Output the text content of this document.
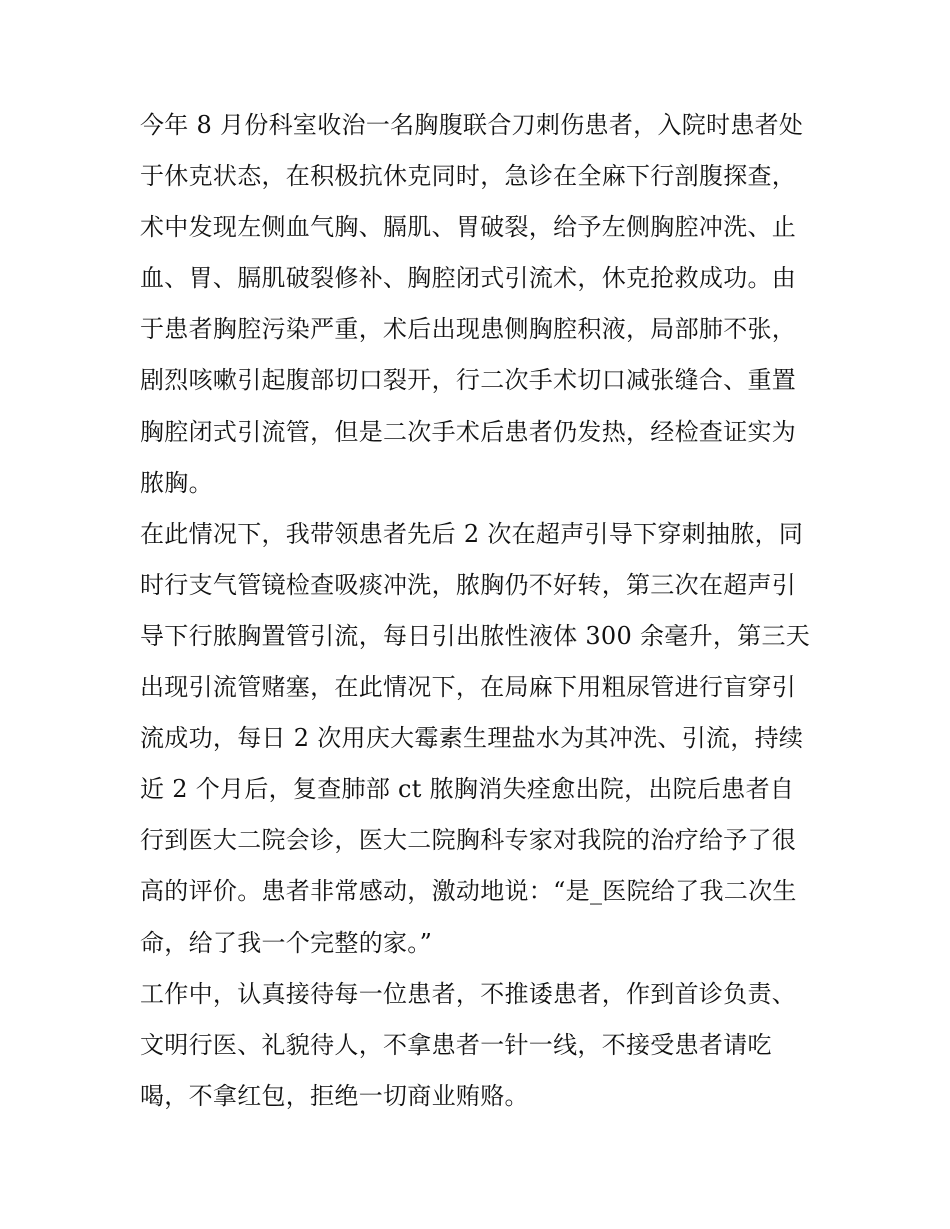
今年 8 月份科室收治一名胸腹联合刀刺伤患者，入院时患者处
于休克状态，在积极抗休克同时，急诊在全麻下行剖腹探查，
术中发现左侧血气胸、膈肌、胃破裂，给予左侧胸腔冲洗、止
血、胃、膈肌破裂修补、胸腔闭式引流术，休克抢救成功。由
于患者胸腔污染严重，术后出现患侧胸腔积液，局部肺不张，
剧烈咳嗽引起腹部切口裂开，行二次手术切口减张缝合、重置
胸腔闭式引流管，但是二次手术后患者仍发热，经检查证实为
脓胸。
在此情况下，我带领患者先后 2 次在超声引导下穿刺抽脓，同
时行支气管镜检查吸痰冲洗，脓胸仍不好转，第三次在超声引
导下行脓胸置管引流，每日引出脓性液体 300 余毫升，第三天
出现引流管赌塞，在此情况下，在局麻下用粗尿管进行盲穿引
流成功，每日 2 次用庆大霉素生理盐水为其冲洗、引流，持续
近 2 个月后，复查肺部 ct 脓胸消失痊愈出院，出院后患者自
行到医大二院会诊，医大二院胸科专家对我院的治疗给予了很
高的评价。患者非常感动，激动地说：“是_医院给了我二次生
命，给了我一个完整的家。”
工作中，认真接待每一位患者，不推诿患者，作到首诊负责、
文明行医、礼貌待人，不拿患者一针一线，不接受患者请吃
喝，不拿红包，拒绝一切商业贿赂。
